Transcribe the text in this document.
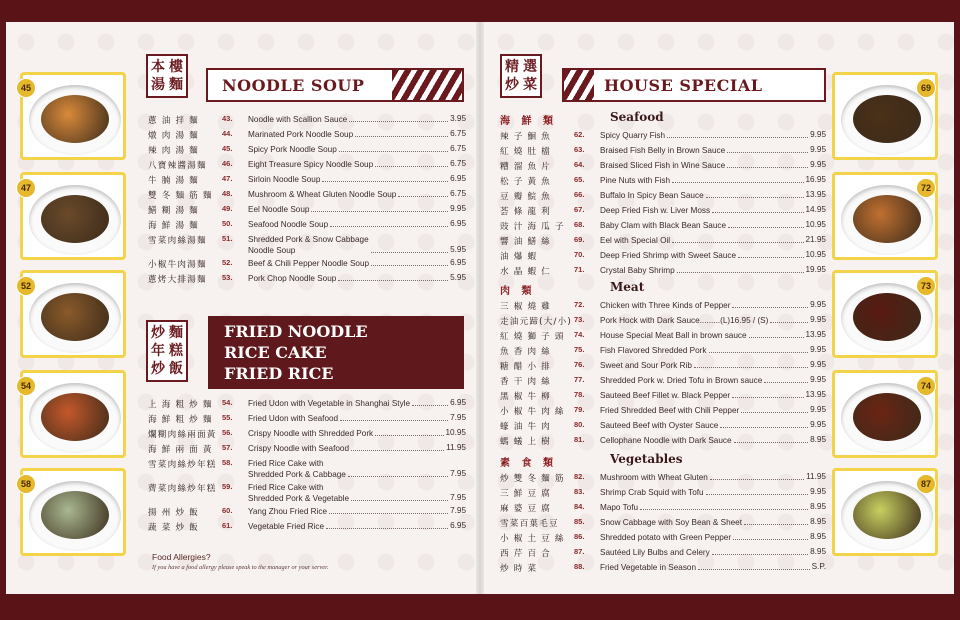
45
47
52
54
58
69
72
73
74
87
本
湯
樓
麵 NOODLE SOUP
蔥 油 拌 麵	43.	Noodle with Scallion Sauce	3.95
燉 肉 湯 麵	44.	Marinated Pork Noodle Soup	6.75
辣 肉 湯 麵	45.	Spicy Pork Noodle Soup	6.75
八寶辣醬湯麵	46.	Eight Treasure Spicy Noodle Soup	6.75
牛 腩 湯 麵	47.	Sirloin Noodle Soup	6.95
雙 冬 麵 筋 麵	48.	Mushroom & Wheat Gluten Noodle Soup	6.75
鱔 糊 湯 麵	49.	Eel Noodle Soup	9.95
海 鮮 湯 麵	50.	Seafood Noodle Soup	6.95
雪菜肉絲湯麵	51.	Shredded Pork & Snow Cabbage
Noodle Soup	5.95
小椒牛肉湯麵	52.	Beef & Chili Pepper Noodle Soup	6.95
蔥烤大排湯麵	53.	Pork Chop Noodle Soup	5.95
炒
年
炒
麵
糕
飯
FRIED NOODLE
RICE CAKE
FRIED RICE
上 海 粗 炒 麵	54.	Fried Udon with Vegetable in Shanghai Style	6.95
海 鮮 粗 炒 麵	55.	Fried Udon with Seafood	7.95
爛糊肉絲兩面黃 56.	Crispy Noodle with Shredded Pork	10.95
海 鮮 兩 面 黃	57.	Crispy Noodle with Seafood	11.95
雪菜肉絲炒年糕 58.	Fried Rice Cake with
Shredded Pork & Cabbage	7.95
薺菜肉絲炒年糕 59.	Fried Rice Cake with
Shredded Pork & Vegetable	7.95
揚 州 炒 飯	60.	Yang Zhou Fried Rice	7.95
蔬 菜 炒 飯	61.	Vegetable Fried Rice	6.95
Food Allergies?
If you have a food allergy please speak to the manager or your server.
精
炒
選
菜	HOUSE SPECIAL
Seafood
海 鮮 類
辣 子 鮰 魚	62.	Spicy Quarry Fish	9.95
紅 燒 肚 檔	63.	Braised Fish Belly in Brown Sauce	9.95
糟 溜 魚 片	64.	Braised Sliced Fish in Wine Sauce	9.95
松 子 黃 魚	65.	Pine Nuts with Fish	16.95
豆 瓣 鯇 魚	66.	Buffalo In Spicy Bean Sauce	13.95
荟 條 龍 利	67.	Deep Fried Fish w. Liver Moss	14.95
豉 汁 海 瓜 子	68.	Baby Clam with Black Bean Sauce	10.95
響 油 鱔 絲	69.	Eel with Special Oil	21.95
油 爆 蝦	70.	Deep Fried Shrimp with Sweet Sauce	10.95
水 晶 蝦 仁	71.	Crystal Baby Shrimp	19.95
Meat
肉 類
三 椒 燒 雞	72.	Chicken with Three Kinds of Pepper	9.95
走油元蹄(大/小) 73.	Pork Hock with Dark Sauce.........(L)16.95 / (S)	9.95
紅 燒 獅 子 頭	74.	House Special Meat Ball in brown sauce	13.95
魚 香 肉 絲	75.	Fish Flavored Shredded Pork	9.95
糖 醋 小 排	76.	Sweet and Sour Pork Rib	9.95
香 干 肉 絲	77.	Shredded Pork w. Dried Tofu in Brown sauce	9.95
黑 椒 牛 柳	78.	Sauteed Beef Fillet w. Black Pepper	13.95
小 椒 牛 肉 絲	79.	Fried Shredded Beef with Chili Pepper	9.95
蠔 油 牛 肉	80.	Sauteed Beef with Oyster Sauce	9.95
螞 蟻 上 樹	81.	Cellophane Noodle with Dark Sauce	8.95
Vegetables
素 食 類
炒 雙 冬 麵 筋	82.	Mushroom with Wheat Gluten	11.95
三 鮮 豆 腐	83.	Shrimp Crab Squid with Tofu	9.95
麻 婆 豆 腐	84.	Mapo Tofu	8.95
雪菜百葉毛豆	85.	Snow Cabbage with Soy Bean & Sheet	8.95
小 椒 土 豆 絲	86.	Shredded potato with Green Pepper	8.95
西 芹 百 合	87.	Sautéed Lily Bulbs and Celery	8.95
炒 時 菜	88.	Fried Vegetable in Season	S.P.
